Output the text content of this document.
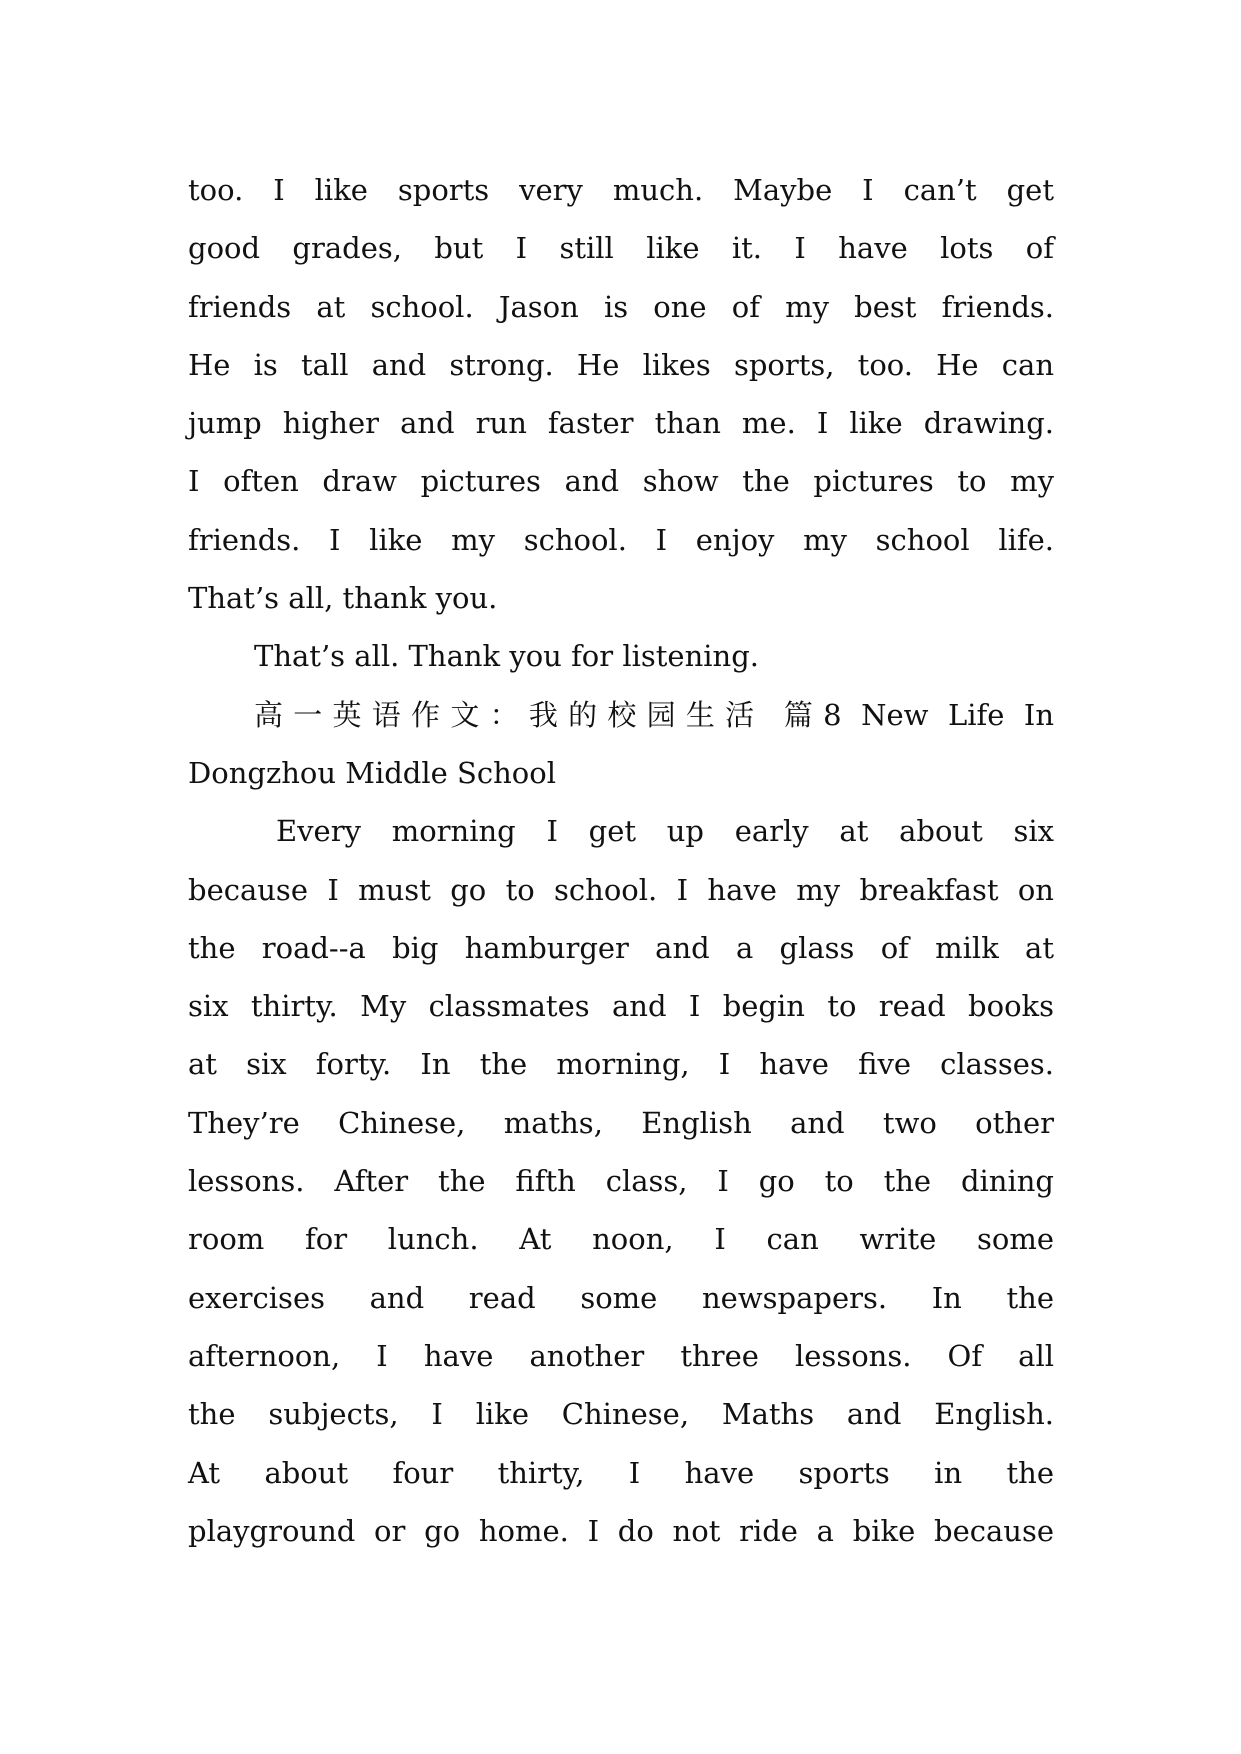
too. I like sports very much. Maybe I can’t get
good grades, but I still like it. I have lots of
friends at school. Jason is one of my best friends.
He is tall and strong. He likes sports, too. He can
jump higher and run faster than me. I like drawing.
I often draw pictures and show the pictures to my
friends. I like my school. I enjoy my school life.
That’s all, thank you.
That’s all. Thank you for listening.
高一英语作文：我的校园生活 篇8 New Life In
Dongzhou Middle School
Every morning I get up early at about six
because I must go to school. I have my breakfast on
the road--a big hamburger and a glass of milk at
six thirty. My classmates and I begin to read books
at six forty. In the morning, I have five classes.
They’re Chinese, maths, English and two other
lessons. After the fifth class, I go to the dining
room for lunch. At noon, I can write some
exercises and read some newspapers. In the
afternoon, I have another three lessons. Of all
the subjects, I like Chinese, Maths and English.
At about four thirty, I have sports in the
playground or go home. I do not ride a bike because
